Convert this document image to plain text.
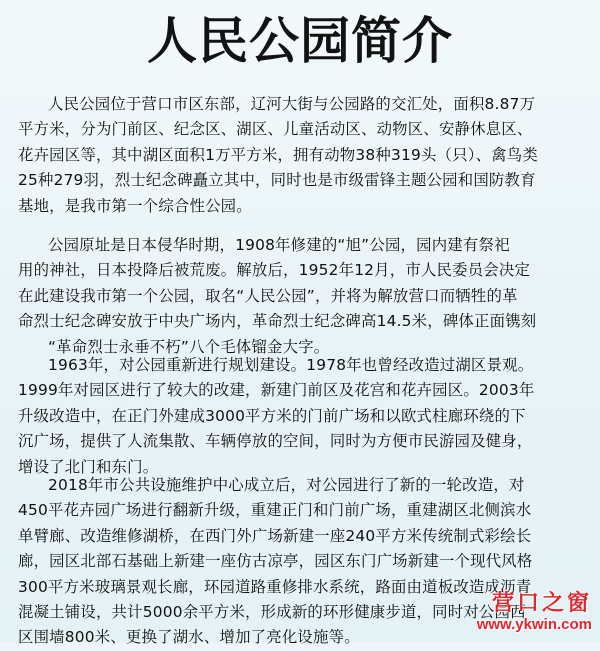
人民公园简介
人民公园位于营口市区东部，辽河大街与公园路的交汇处，面积8.87万
平方米，分为门前区、纪念区、湖区、儿童活动区、动物区、安静休息区、
花卉园区等，其中湖区面积1万平方米，拥有动物38种319头（只）、禽鸟类
25种279羽，烈士纪念碑矗立其中，同时也是市级雷锋主题公园和国防教育
基地，是我市第一个综合性公园。
公园原址是日本侵华时期，1908年修建的“旭”公园，园内建有祭祀
用的神社，日本投降后被荒废。解放后，1952年12月，市人民委员会决定
在此建设我市第一个公园，取名“人民公园”，并将为解放营口而牺牲的革
命烈士纪念碑安放于中央广场内，革命烈士纪念碑高14.5米，碑体正面镌刻
“革命烈士永垂不朽”八个毛体镏金大字。
1963年，对公园重新进行规划建设。1978年也曾经改造过湖区景观。
1999年对园区进行了较大的改建，新建门前区及花宫和花卉园区。2003年
升级改造中，在正门外建成3000平方米的门前广场和以欧式柱廊环绕的下
沉广场，提供了人流集散、车辆停放的空间，同时为方便市民游园及健身，
增设了北门和东门。
2018年市公共设施维护中心成立后，对公园进行了新的一轮改造，对
450平花卉园广场进行翻新升级，重建正门和门前广场，重建湖区北侧滨水
单臂廊、改造维修湖桥，在西门外广场新建一座240平方米传统制式彩绘长
廊，园区北部石基础上新建一座仿古凉亭，园区东门广场新建一个现代风格
300平方米玻璃景观长廊，环园道路重修排水系统，路面由道板改造成沥青
混凝土铺设，共计5000余平方米，形成新的环形健康步道，同时对公园西
区围墙800米、更换了湖水、增加了亮化设施等。
营口之窗
www.ykwin.com
